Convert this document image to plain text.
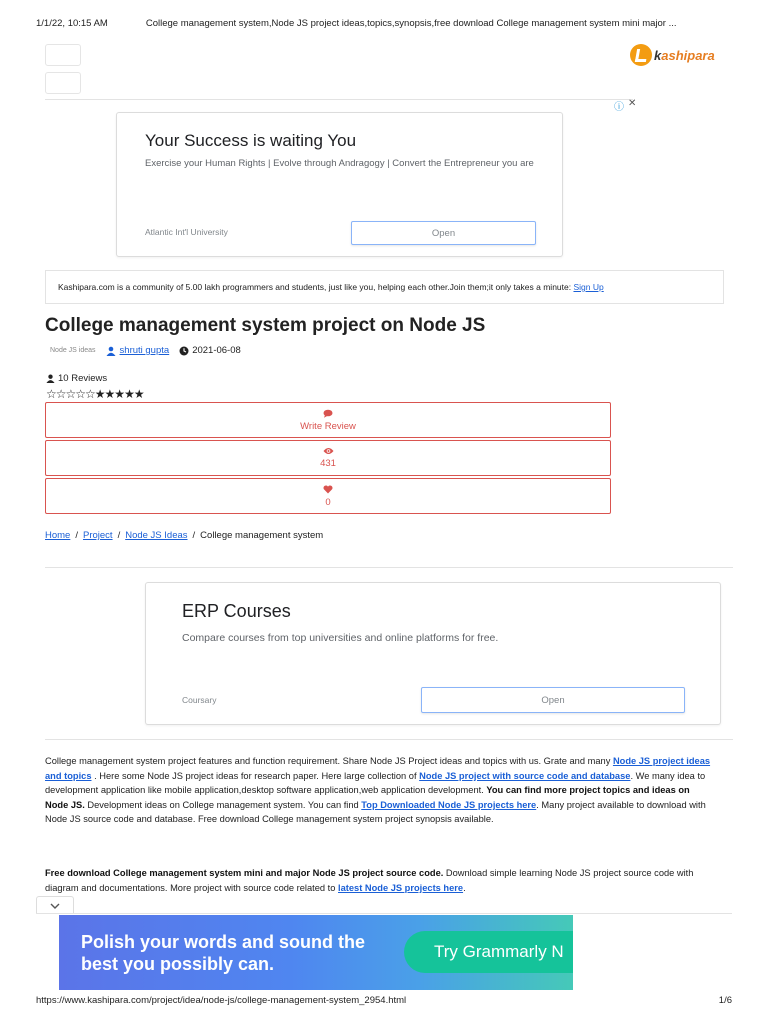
1/1/22, 10:15 AM	College management system,Node JS project ideas,topics,synopsis,free download College management system mini major ...
kashipara
ⓘ ✕
Your Success is waiting You
Exercise your Human Rights | Evolve through Andragogy | Convert the Entrepreneur you are
Atlantic Int'l University	Open
Kashipara.com is a community of 5.00 lakh programmers and students, just like you, helping each other.Join them;it only takes a minute: Sign Up
College management system project on Node JS
Node JS ideas	shruti gupta 2021-06-08
10 Reviews
☆☆☆☆☆★★★★★
Write Review
431
0
Home / Project / Node JS Ideas / College management system
ERP Courses
Compare courses from top universities and online platforms for free.
Coursary	Open

College management system project features and function requirement. Share Node JS Project ideas and topics with us. Grate and many Node JS project ideas and topics . Here some Node JS project ideas for research paper. Here large collection of Node JS project with source code and database. We many idea to development application like mobile application,desktop software application,web application development. You can find more project topics and ideas on Node JS. Development ideas on College management system. You can find Top Downloaded Node JS projects here. Many project available to download with Node JS source code and database. Free download College management system project synopsis available.

Free download College management system mini and major Node JS project source code. Download simple learning Node JS project source code with diagram and documentations. More project with source code related to latest Node JS projects here.

Polish your words and sound the best you possibly can.
Try Grammarly N
https://www.kashipara.com/project/idea/node-js/college-management-system_2954.html	1/6
